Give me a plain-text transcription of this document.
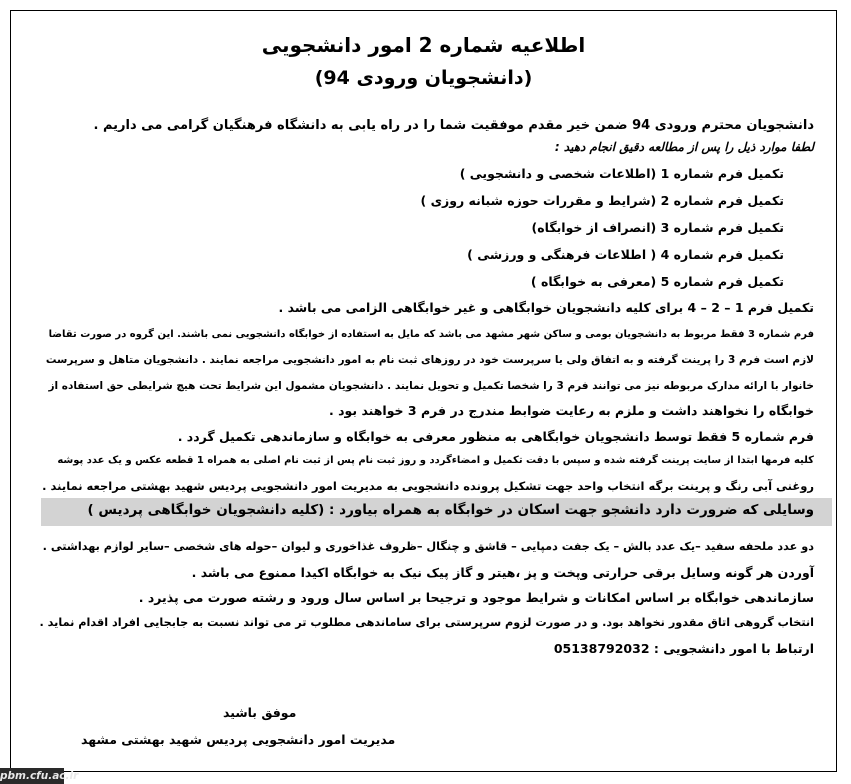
اطلاعیه شماره 2 امور دانشجویی
(دانشجویان ورودی 94)
دانشجویان محترم ورودی 94 ضمن خیر مقدم موفقیت شما را در راه یابی به دانشگاه فرهنگیان گرامی می داریم .
لطفا موارد ذیل را پس از مطالعه دقیق انجام دهید :
تکمیل فرم شماره 1 (اطلاعات شخصی و دانشجویی )
تکمیل فرم شماره 2 (شرایط و مقررات حوزه شبانه روزی )
تکمیل فرم شماره 3 (انصراف از خوابگاه)
تکمیل فرم شماره 4 ( اطلاعات فرهنگی و ورزشی )
تکمیل فرم شماره 5 (معرفی به خوابگاه )
تکمیل فرم 1 – 2 – 4 برای کلیه دانشجویان خوابگاهی و غیر خوابگاهی الزامی می باشد .
فرم شماره 3 فقط مربوط به دانشجویان بومی و ساکن شهر مشهد می باشد که مایل به استفاده از خوابگاه دانشجویی نمی باشند. این گروه در صورت تقاضا
لازم است فرم 3 را پرینت گرفته و به اتفاق ولی یا سرپرست خود در روزهای ثبت نام به امور دانشجویی مراجعه نمایند . دانشجویان متاهل و سرپرست
خانوار با ارائه مدارک مربوطه نیز می توانند فرم 3 را شخصا تکمیل و تحویل نمایند . دانشجویان مشمول این شرایط تحت هیچ شرایطی حق استفاده از
خوابگاه را نخواهند داشت و ملزم به رعایت ضوابط مندرج در فرم 3 خواهند بود .
فرم شماره 5 فقط توسط دانشجویان خوابگاهی به منظور معرفی به خوابگاه و سازماندهی تکمیل گردد .
کلیه فرمها ابتدا از سایت پرینت گرفته شده و سپس با دقت تکمیل و امضاءگردد و روز ثبت نام پس از ثبت نام اصلی به همراه 1 قطعه عکس و یک عدد پوشه
روغنی آبی رنگ و پرینت برگه انتخاب واحد جهت تشکیل پرونده دانشجویی به مدیریت امور دانشجویی پردیس شهید بهشتی مراجعه نمایند .
وسایلی که ضرورت دارد دانشجو جهت اسکان در خوابگاه به همراه بیاورد : (کلیه دانشجویان خوابگاهی پردیس )
دو عدد ملحفه سفید –یک عدد بالش – یک جفت دمپایی – قاشق و چنگال –ظروف غذاخوری و لیوان –حوله های شخصی –سایر لوازم بهداشتی .
آوردن هر گونه وسایل برقی حرارتی وپخت و پز ،هیتر و گاز پیک نیک به خوابگاه اکیدا ممنوع می باشد .
سازماندهی خوابگاه بر اساس امکانات و شرایط موجود و ترجیحا بر اساس سال ورود و رشته صورت می پذیرد .
انتخاب گروهی اتاق مقدور نخواهد بود. و در صورت لزوم سرپرستی برای ساماندهی مطلوب تر می تواند نسبت به جابجایی افراد اقدام نماید .
ارتباط با امور دانشجویی : 05138792032
موفق باشید
مدیریت امور دانشجویی پردیس شهید بهشتی مشهد
pbm.cfu.ac.ir
